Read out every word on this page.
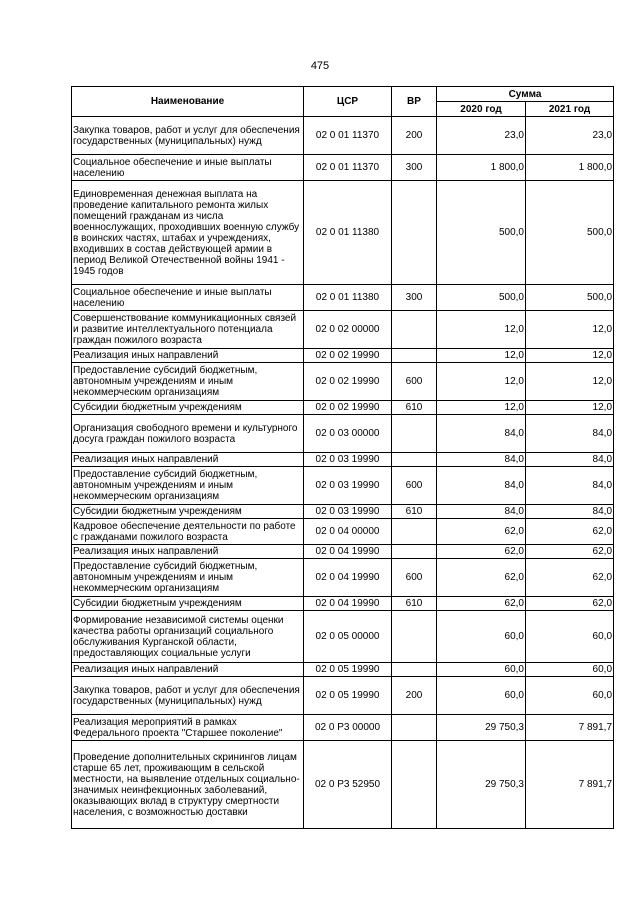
475
Наименование	ЦСР	ВР	Сумма	
			2020 год	2021 год
Закупка товаров, работ и услуг для обеспечения государственных (муниципальных) нужд	02 0 01 11370	200	23,0	23,0
Социальное обеспечение и иные выплаты населению	02 0 01 11370	300	1 800,0	1 800,0
Единовременная денежная выплата на проведение капитального ремонта жилых помещений гражданам из числа военнослужащих, проходивших военную службу в воинских частях, штабах и учреждениях, входивших в состав действующей армии в период Великой Отечественной войны 1941 - 1945 годов	02 0 01 11380		500,0	500,0
Социальное обеспечение и иные выплаты населению	02 0 01 11380	300	500,0	500,0
Совершенствование коммуникационных связей и развитие интеллектуального потенциала граждан пожилого возраста	02 0 02 00000		12,0	12,0
Реализация иных направлений	02 0 02 19990		12,0	12,0
Предоставление субсидий бюджетным, автономным учреждениям и иным некоммерческим организациям	02 0 02 19990	600	12,0	12,0
Субсидии бюджетным учреждениям	02 0 02 19990	610	12,0	12,0
Организация свободного времени и культурного досуга граждан пожилого возраста	02 0 03 00000		84,0	84,0
Реализация иных направлений	02 0 03 19990		84,0	84,0
Предоставление субсидий бюджетным, автономным учреждениям и иным некоммерческим организациям	02 0 03 19990	600	84,0	84,0
Субсидии бюджетным учреждениям	02 0 03 19990	610	84,0	84,0
Кадровое обеспечение деятельности по работе с гражданами пожилого возраста	02 0 04 00000		62,0	62,0
Реализация иных направлений	02 0 04 19990		62,0	62,0
Предоставление субсидий бюджетным, автономным учреждениям и иным некоммерческим организациям	02 0 04 19990	600	62,0	62,0
Субсидии бюджетным учреждениям	02 0 04 19990	610	62,0	62,0
Формирование независимой системы оценки качества работы организаций социального обслуживания Курганской области, предоставляющих социальные услуги	02 0 05 00000		60,0	60,0
Реализация иных направлений	02 0 05 19990		60,0	60,0
Закупка товаров, работ и услуг для обеспечения государственных (муниципальных) нужд	02 0 05 19990	200	60,0	60,0
Реализация мероприятий в рамках Федерального проекта "Старшее поколение"	02 0 P3 00000		29 750,3	7 891,7
Проведение дополнительных скринингов лицам старше 65 лет, проживающим в сельской местности, на выявление отдельных социально-значимых неинфекционных заболеваний, оказывающих вклад в структуру смертности населения, с возможностью доставки	02 0 P3 52950		29 750,3	7 891,7
